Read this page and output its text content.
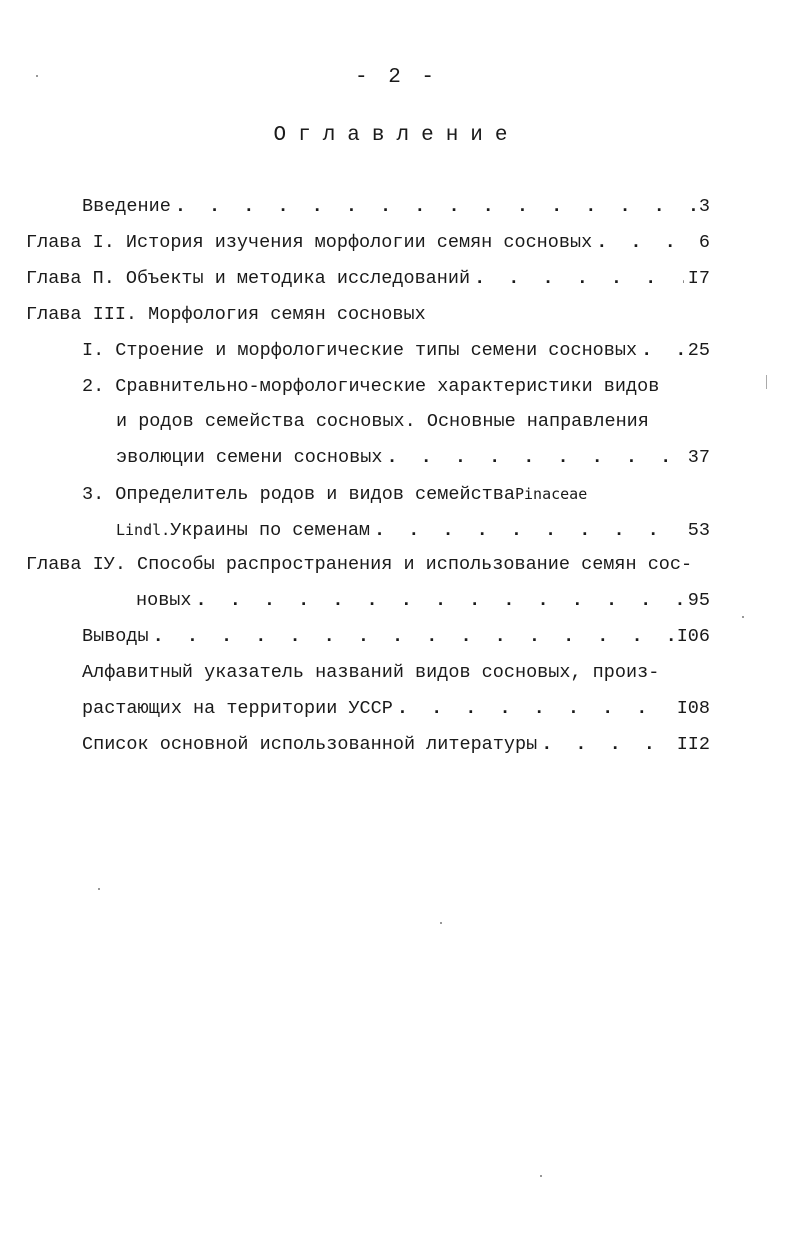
- 2 -
Оглавление
Введение . . .	3
Глава I. История изучения морфологии семян сосновых . . .	6
Глава П. Объекты и методика исследований . . .	I7
Глава III. Морфология семян сосновых
I. Строение и морфологические типы семени сосновых . . .	25
2. Сравнительно-морфологические характеристики видов
и родов семейства сосновых. Основные направления
эволюции семени сосновых . . .	37
3. Определитель родов и видов семейства Pinaceae
Lindl. Украины по семенам . . .	53
Глава IУ. Способы распространения и использование семян сос-
новых . . .	95
Выводы . . .	I06
Алфавитный указатель названий видов сосновых, произ-
растающих на территории УССР . . .	I08
Список основной использованной литературы . . .	II2
